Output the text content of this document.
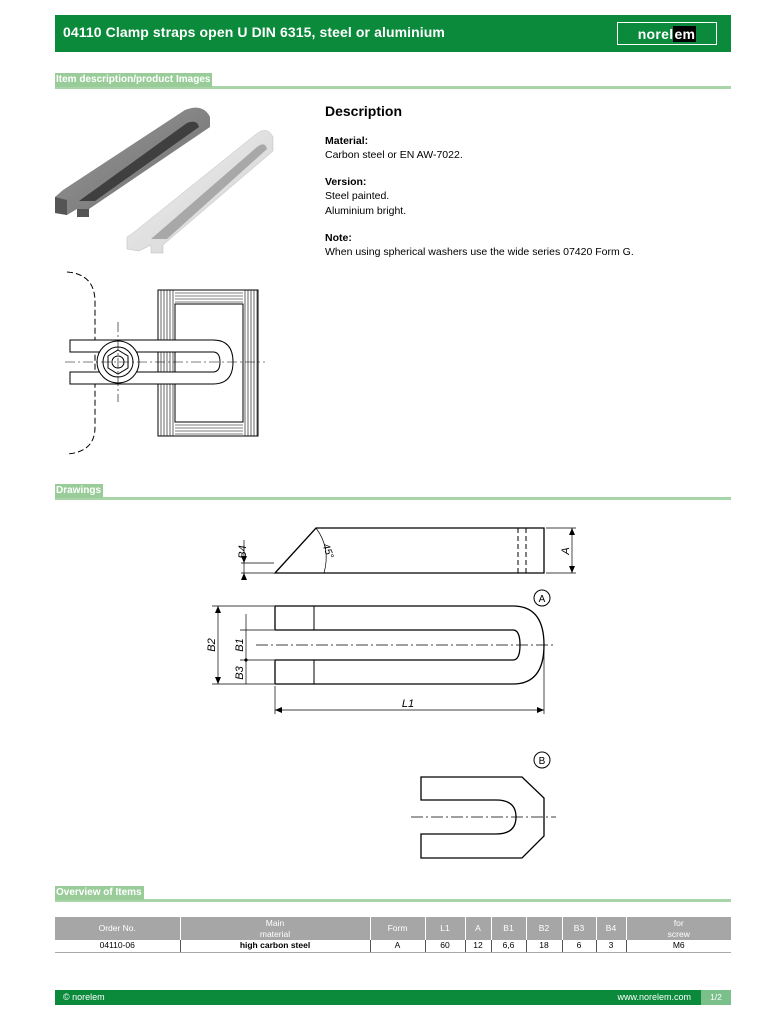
04110 Clamp straps open U DIN 6315, steel or aluminium	norelem
Item description/product Images
Description
Material:
Carbon steel or EN AW-7022.
Version:
Steel painted.
Aluminium bright.
Note:
When using spherical washers use the wide series 07420 Form G.
Drawings
B4	45°	A
A
B
B2 B1
B3
L1
Overview of Items
Order No.	Main
material	Form	L1	A	B1	B2	B3	B4	for
screw
04110-06	high carbon steel	A	60	12	6,6	18	6	3	M6
© norelem	www.norelem.com	1/2
